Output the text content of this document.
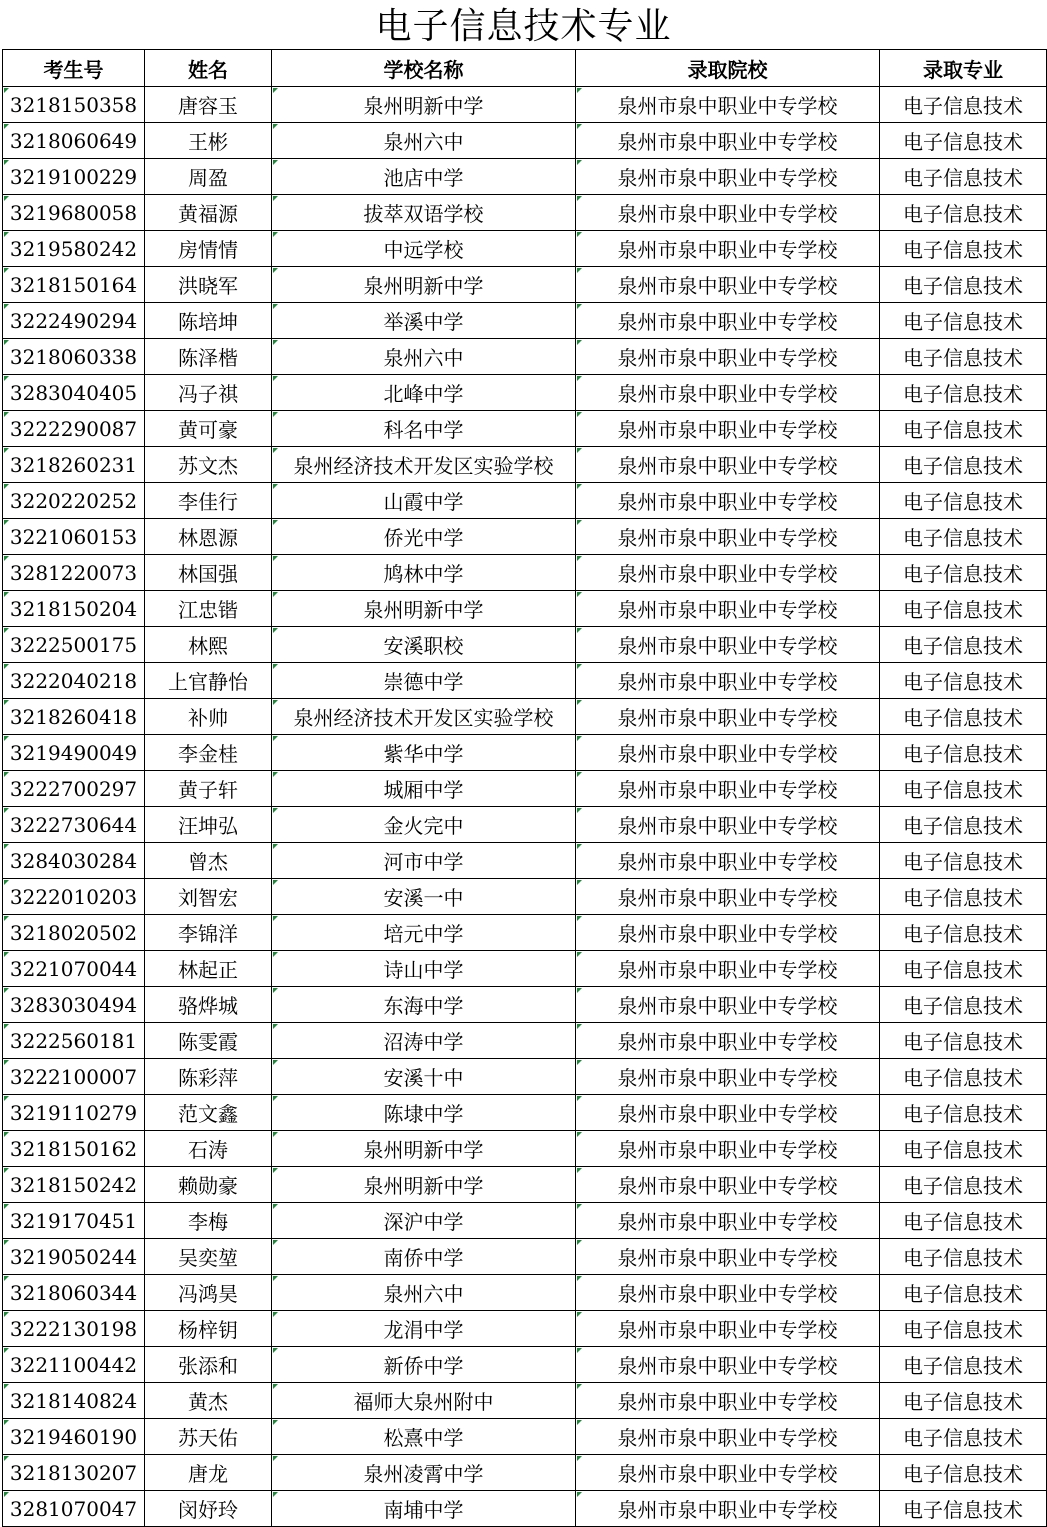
电子信息技术专业
考生号	姓名	学校名称	录取院校	录取专业

3218150358	唐容玉	泉州明新中学	泉州市泉中职业中专学校	电子信息技术

3218060649	王彬	泉州六中	泉州市泉中职业中专学校	电子信息技术

3219100229	周盈	池店中学	泉州市泉中职业中专学校	电子信息技术

3219680058	黄福源	拔萃双语学校	泉州市泉中职业中专学校	电子信息技术

3219580242	房情情	中远学校	泉州市泉中职业中专学校	电子信息技术

3218150164	洪晓军	泉州明新中学	泉州市泉中职业中专学校	电子信息技术

3222490294	陈培坤	举溪中学	泉州市泉中职业中专学校	电子信息技术

3218060338	陈泽楷	泉州六中	泉州市泉中职业中专学校	电子信息技术

3283040405	冯子祺	北峰中学	泉州市泉中职业中专学校	电子信息技术

3222290087	黄可豪	科名中学	泉州市泉中职业中专学校	电子信息技术

3218260231	苏文杰	泉州经济技术开发区实验学校	泉州市泉中职业中专学校	电子信息技术

3220220252	李佳行	山霞中学	泉州市泉中职业中专学校	电子信息技术

3221060153	林恩源	侨光中学	泉州市泉中职业中专学校	电子信息技术

3281220073	林国强	鸠林中学	泉州市泉中职业中专学校	电子信息技术

3218150204	江忠锴	泉州明新中学	泉州市泉中职业中专学校	电子信息技术

3222500175	林熙	安溪职校	泉州市泉中职业中专学校	电子信息技术

3222040218	上官静怡	崇德中学	泉州市泉中职业中专学校	电子信息技术

3218260418	补帅	泉州经济技术开发区实验学校	泉州市泉中职业中专学校	电子信息技术

3219490049	李金桂	紫华中学	泉州市泉中职业中专学校	电子信息技术

3222700297	黄子轩	城厢中学	泉州市泉中职业中专学校	电子信息技术

3222730644	汪坤弘	金火完中	泉州市泉中职业中专学校	电子信息技术

3284030284	曾杰	河市中学	泉州市泉中职业中专学校	电子信息技术

3222010203	刘智宏	安溪一中	泉州市泉中职业中专学校	电子信息技术

3218020502	李锦洋	培元中学	泉州市泉中职业中专学校	电子信息技术

3221070044	林起正	诗山中学	泉州市泉中职业中专学校	电子信息技术

3283030494	骆烨城	东海中学	泉州市泉中职业中专学校	电子信息技术

3222560181	陈雯霞	沼涛中学	泉州市泉中职业中专学校	电子信息技术

3222100007	陈彩萍	安溪十中	泉州市泉中职业中专学校	电子信息技术

3219110279	范文鑫	陈埭中学	泉州市泉中职业中专学校	电子信息技术

3218150162	石涛	泉州明新中学	泉州市泉中职业中专学校	电子信息技术

3218150242	赖勋豪	泉州明新中学	泉州市泉中职业中专学校	电子信息技术

3219170451	李梅	深沪中学	泉州市泉中职业中专学校	电子信息技术

3219050244	吴奕堃	南侨中学	泉州市泉中职业中专学校	电子信息技术

3218060344	冯鸿昊	泉州六中	泉州市泉中职业中专学校	电子信息技术

3222130198	杨梓钥	龙涓中学	泉州市泉中职业中专学校	电子信息技术

3221100442	张添和	新侨中学	泉州市泉中职业中专学校	电子信息技术

3218140824	黄杰	福师大泉州附中	泉州市泉中职业中专学校	电子信息技术

3219460190	苏天佑	松熹中学	泉州市泉中职业中专学校	电子信息技术

3218130207	唐龙	泉州凌霄中学	泉州市泉中职业中专学校	电子信息技术

3281070047	闵妤玲	南埔中学	泉州市泉中职业中专学校	电子信息技术
